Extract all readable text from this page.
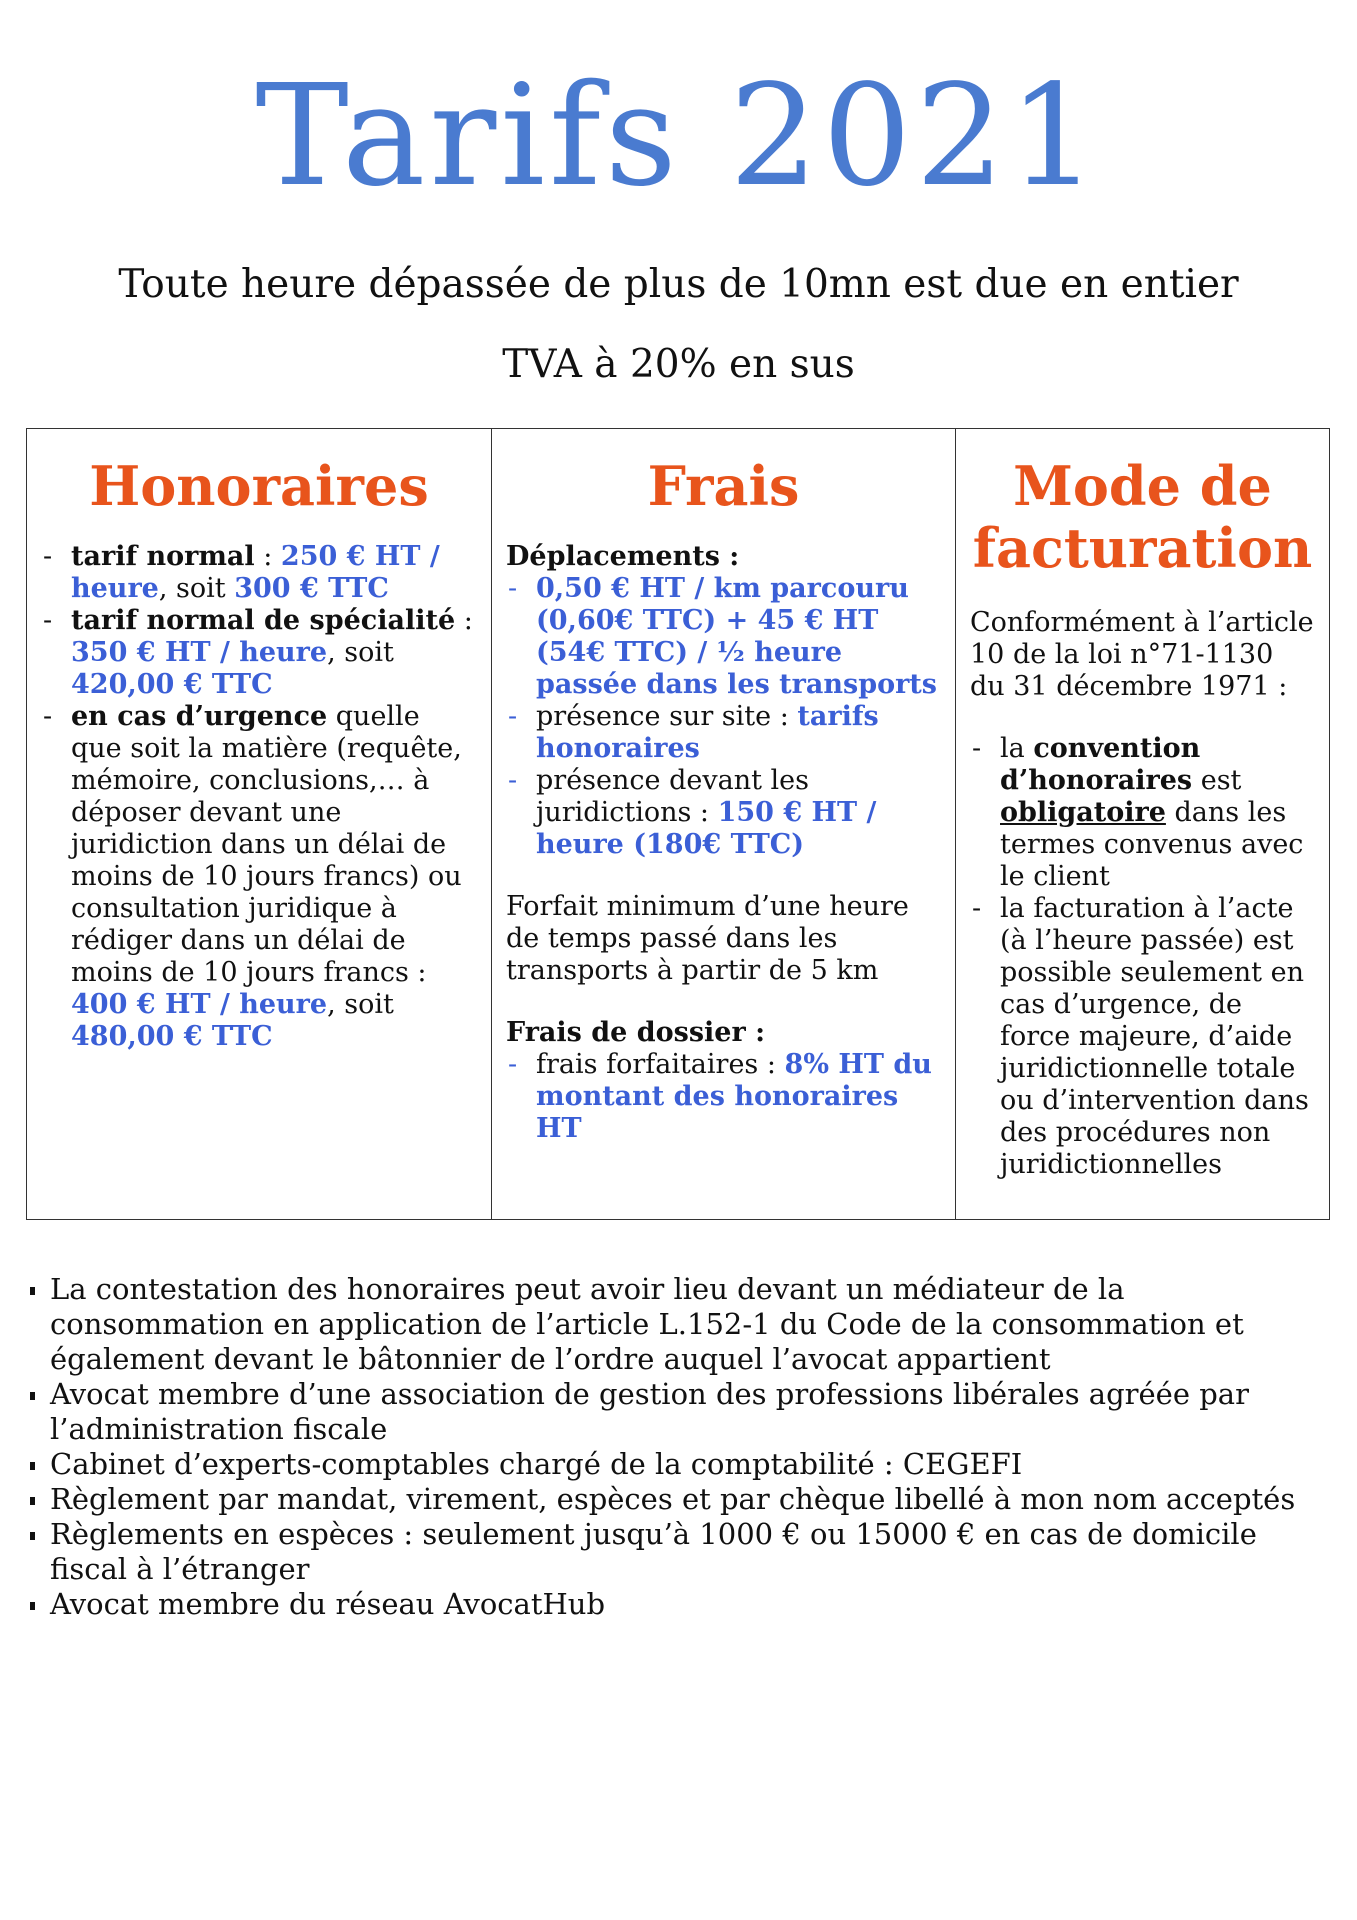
Tarifs 2021
Toute heure dépassée de plus de 10mn est due en entier
TVA à 20% en sus
Honoraires
- tarif normal : 250 € HT / heure, soit 300 € TTC
- tarif normal de spécialité : 350 € HT / heure, soit 420,00 € TTC
- en cas d’urgence quelle que soit la matière (requête, mémoire, conclusions,… à déposer devant une juridiction dans un délai de moins de 10 jours francs) ou consultation juridique à rédiger dans un délai de moins de 10 jours francs : 400 € HT / heure, soit 480,00 € TTC
Frais

Déplacements :

- 0,50 € HT / km parcouru (0,60€ TTC) + 45 € HT (54€ TTC) / ½ heure passée dans les transports
- présence sur site : tarifs honoraires
- présence devant les juridictions : 150 € HT / heure (180€ TTC)

Forfait minimum d’une heure de temps passé dans les transports à partir de 5 km

Frais de dossier :

- frais forfaitaires : 8% HT du montant des honoraires HT
Mode de
facturation

Conformément à l’article 10 de la loi n°71-1130 du 31 décembre 1971 :

- la convention d’honoraires est obligatoire dans les termes convenus avec le client
- la facturation à l’acte (à l’heure passée) est possible seulement en cas d’urgence, de force majeure, d’aide juridictionnelle totale ou d’intervention dans des procédures non juridictionnelles
La contestation des honoraires peut avoir lieu devant un médiateur de la consommation en application de l’article L.152-1 du Code de la consommation et également devant le bâtonnier de l’ordre auquel l’avocat appartient
Avocat membre d’une association de gestion des professions libérales agréée par l’administration fiscale
Cabinet d’experts-comptables chargé de la comptabilité : CEGEFI
Règlement par mandat, virement, espèces et par chèque libellé à mon nom acceptés
Règlements en espèces : seulement jusqu’à 1000 € ou 15000 € en cas de domicile fiscal à l’étranger
Avocat membre du réseau AvocatHub
